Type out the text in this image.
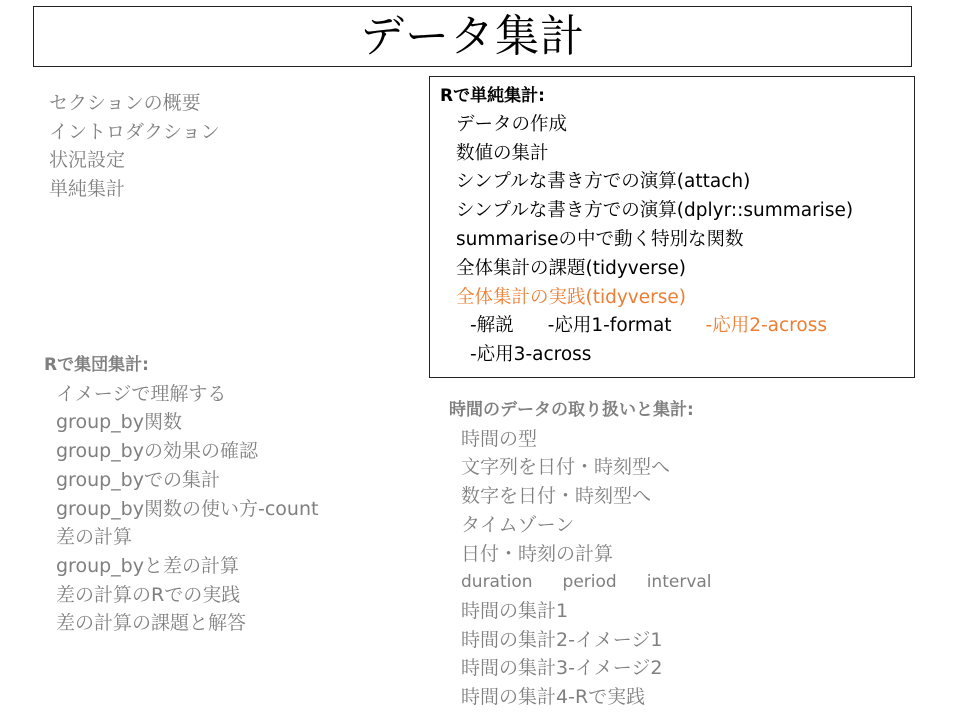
データ集計
セクションの概要
イントロダクション
状況設定
単純集計
Rで単純集計:
データの作成
数値の集計
シンプルな書き方での演算(attach)
シンプルな書き方での演算(dplyr::summarise)
summariseの中で動く特別な関数
全体集計の課題(tidyverse)
全体集計の実践(tidyverse)
-解説 -応用1-format -応用2-across
-応用3-across
Rで集団集計:
イメージで理解する
group_by関数
group_byの効果の確認
group_byでの集計
group_by関数の使い方-count
差の計算
group_byと差の計算
差の計算のRでの実践
差の計算の課題と解答
時間のデータの取り扱いと集計:
時間の型
文字列を日付・時刻型へ
数字を日付・時刻型へ
タイムゾーン
日付・時刻の計算
duration period interval
時間の集計1
時間の集計2-イメージ1
時間の集計3-イメージ2
時間の集計4-Rで実践
